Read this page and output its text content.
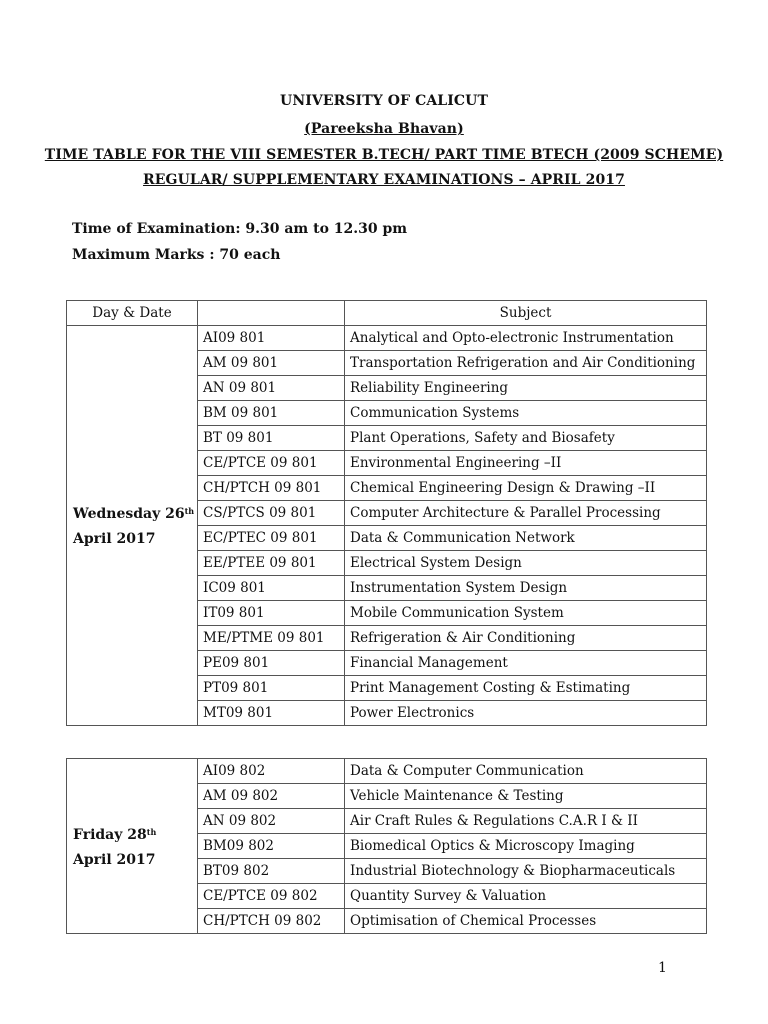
UNIVERSITY OF CALICUT
(Pareeksha Bhavan)
TIME TABLE FOR THE VIII SEMESTER B.TECH/ PART TIME BTECH (2009 SCHEME)
REGULAR/ SUPPLEMENTARY EXAMINATIONS – APRIL 2017
Time of Examination: 9.30 am to 12.30 pm
Maximum Marks : 70 each
Day & Date		Subject

Wednesday 26th
April 2017	AI09 801	Analytical and Opto-electronic Instrumentation
	AM 09 801	Transportation Refrigeration and Air Conditioning
	AN 09 801	Reliability Engineering
	BM 09 801	Communication Systems
	BT 09 801	Plant Operations, Safety and Biosafety
	CE/PTCE 09 801	Environmental Engineering –II
	CH/PTCH 09 801	Chemical Engineering Design & Drawing –II
	CS/PTCS 09 801	Computer Architecture & Parallel Processing
	EC/PTEC 09 801	Data & Communication Network
	EE/PTEE 09 801	Electrical System Design
	IC09 801	Instrumentation System Design
	IT09 801	Mobile Communication System
	ME/PTME 09 801	Refrigeration & Air Conditioning
	PE09 801	Financial Management
	PT09 801	Print Management Costing & Estimating
	MT09 801	Power Electronics
Friday 28th
April 2017	AI09 802	Data & Computer Communication
	AM 09 802	Vehicle Maintenance & Testing
	AN 09 802	Air Craft Rules & Regulations C.A.R I & II
	BM09 802	Biomedical Optics & Microscopy Imaging
	BT09 802	Industrial Biotechnology & Biopharmaceuticals
	CE/PTCE 09 802	Quantity Survey & Valuation
	CH/PTCH 09 802	Optimisation of Chemical Processes
1
